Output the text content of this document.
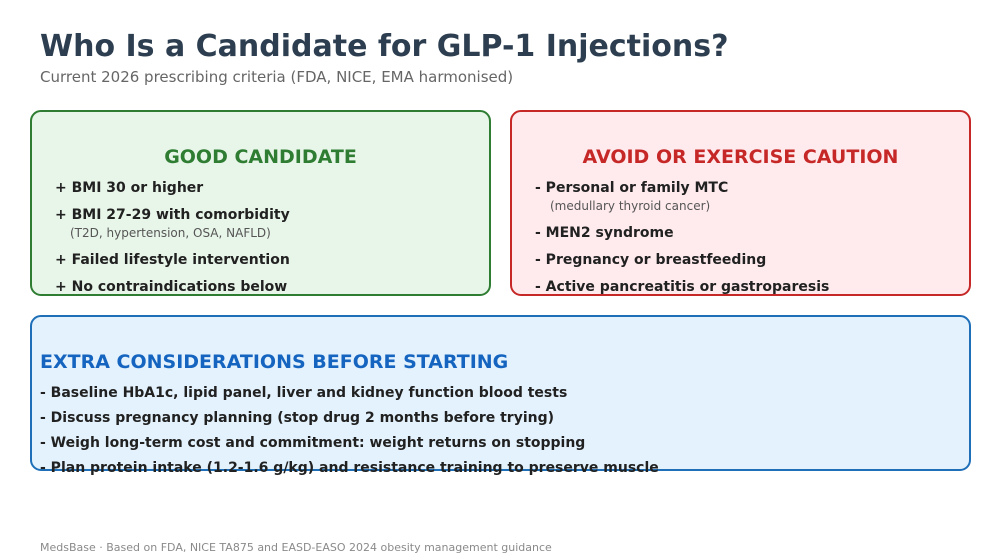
Who Is a Candidate for GLP-1 Injections?
Current 2026 prescribing criteria (FDA, NICE, EMA harmonised)
GOOD CANDIDATE
+ BMI 30 or higher
+ BMI 27-29 with comorbidity
(T2D, hypertension, OSA, NAFLD)
+ Failed lifestyle intervention
+ No contraindications below
AVOID OR EXERCISE CAUTION
- Personal or family MTC
(medullary thyroid cancer)
- MEN2 syndrome
- Pregnancy or breastfeeding
- Active pancreatitis or gastroparesis
EXTRA CONSIDERATIONS BEFORE STARTING
- Baseline HbA1c, lipid panel, liver and kidney function blood tests
- Discuss pregnancy planning (stop drug 2 months before trying)
- Weigh long-term cost and commitment: weight returns on stopping
- Plan protein intake (1.2-1.6 g/kg) and resistance training to preserve muscle
MedsBase · Based on FDA, NICE TA875 and EASD-EASO 2024 obesity management guidance
